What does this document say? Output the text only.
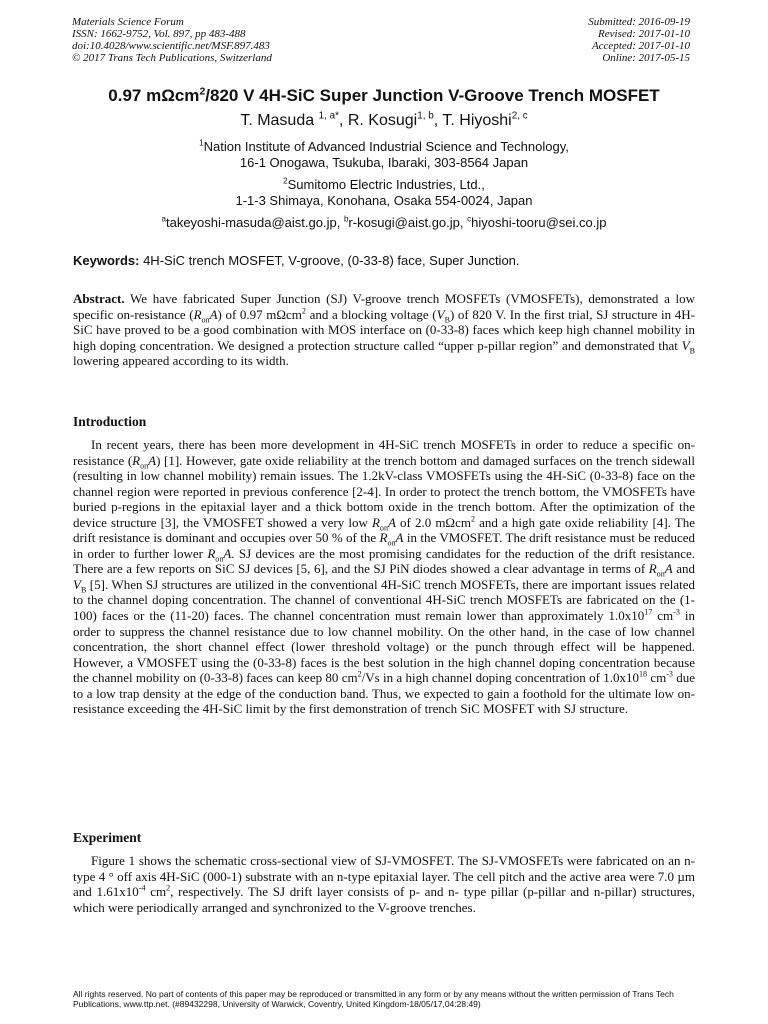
Materials Science Forum
ISSN: 1662-9752, Vol. 897, pp 483-488
doi:10.4028/www.scientific.net/MSF.897.483
© 2017 Trans Tech Publications, Switzerland
Submitted: 2016-09-19
Revised: 2017-01-10
Accepted: 2017-01-10
Online: 2017-05-15
0.97 mΩcm$^2$/820 V 4H-SiC Super Junction V-Groove Trench MOSFET
T. Masuda $^{1, a*}$, R. Kosugi$^{1, b}$, T. Hiyoshi$^{2, c}$
$^1$Nation Institute of Advanced Industrial Science and Technology,
16-1 Onogawa, Tsukuba, Ibaraki, 303-8564 Japan
$^2$Sumitomo Electric Industries, Ltd.,
1-1-3 Shimaya, Konohana, Osaka 554-0024, Japan
$^a$takeyoshi-masuda@aist.go.jp, $^b$r-kosugi@aist.go.jp, $^c$hiyoshi-tooru@sei.co.jp
Keywords: 4H-SiC trench MOSFET, V-groove, (0-33-8) face, Super Junction.

Abstract. We have fabricated Super Junction (SJ) V-groove trench MOSFETs (VMOSFETs), demonstrated a low specific on-resistance $(R_{on}A)$ of 0.97 mΩcm$^2$ and a blocking voltage $(V_B)$ of 820 V. In the first trial, SJ structure in 4H-SiC have proved to be a good combination with MOS interface on (0-33-8) faces which keep high channel mobility in high doping concentration. We designed a protection structure called “upper p-pillar region” and demonstrated that $V_B$ lowering appeared according to its width.

Introduction

In recent years, there has been more development in 4H-SiC trench MOSFETs in order to reduce a specific on-resistance $(R_{on}A)$ [1]. However, gate oxide reliability at the trench bottom and damaged surfaces on the trench sidewall (resulting in low channel mobility) remain issues. The 1.2kV-class VMOSFETs using the 4H-SiC (0-33-8) face on the channel region were reported in previous conference [2-4]. In order to protect the trench bottom, the VMOSFETs have buried p-regions in the epitaxial layer and a thick bottom oxide in the trench bottom. After the optimization of the device structure [3], the VMOSFET showed a very low $R_{on}A$ of 2.0 mΩcm$^2$ and a high gate oxide reliability [4]. The drift resistance is dominant and occupies over 50 % of the $R_{on}A$ in the VMOSFET. The drift resistance must be reduced in order to further lower $R_{on}A$. SJ devices are the most promising candidates for the reduction of the drift resistance. There are a few reports on SiC SJ devices [5, 6], and the SJ PiN diodes showed a clear advantage in terms of $R_{on}A$ and $V_B$ [5]. When SJ structures are utilized in the conventional 4H-SiC trench MOSFETs, there are important issues related to the channel doping concentration. The channel of conventional 4H-SiC trench MOSFETs are fabricated on the (1-100) faces or the (11-20) faces. The channel concentration must remain lower than approximately $1.0x10^{17}$ $cm^{-3}$ in order to suppress the channel resistance due to low channel mobility. On the other hand, in the case of low channel concentration, the short channel effect (lower threshold voltage) or the punch through effect will be happened. However, a VMOSFET using the (0-33-8) faces is the best solution in the high channel doping concentration because the channel mobility on (0-33-8) faces can keep 80 $cm^2/Vs$ in a high channel doping concentration of $1.0x10^{18}$ $cm^{-3}$ due to a low trap density at the edge of the conduction band. Thus, we expected to gain a foothold for the ultimate low on-resistance exceeding the 4H-SiC limit by the first demonstration of trench SiC MOSFET with SJ structure.

Experiment

Figure 1 shows the schematic cross-sectional view of SJ-VMOSFET. The SJ-VMOSFETs were fabricated on an n-type 4 ° off axis 4H-SiC (000-1) substrate with an n-type epitaxial layer. The cell pitch and the active area were 7.0 µm and $1.61x10^{-4}$ $cm^2$, respectively. The SJ drift layer consists of p- and n- type pillar (p-pillar and n-pillar) structures, which were periodically arranged and synchronized to the V-groove trenches.

All rights reserved. No part of contents of this paper may be reproduced or transmitted in any form or by any means without the written permission of Trans Tech Publications, www.ttp.net. (#89432298, University of Warwick, Coventry, United Kingdom-18/05/17,04:28:49)
